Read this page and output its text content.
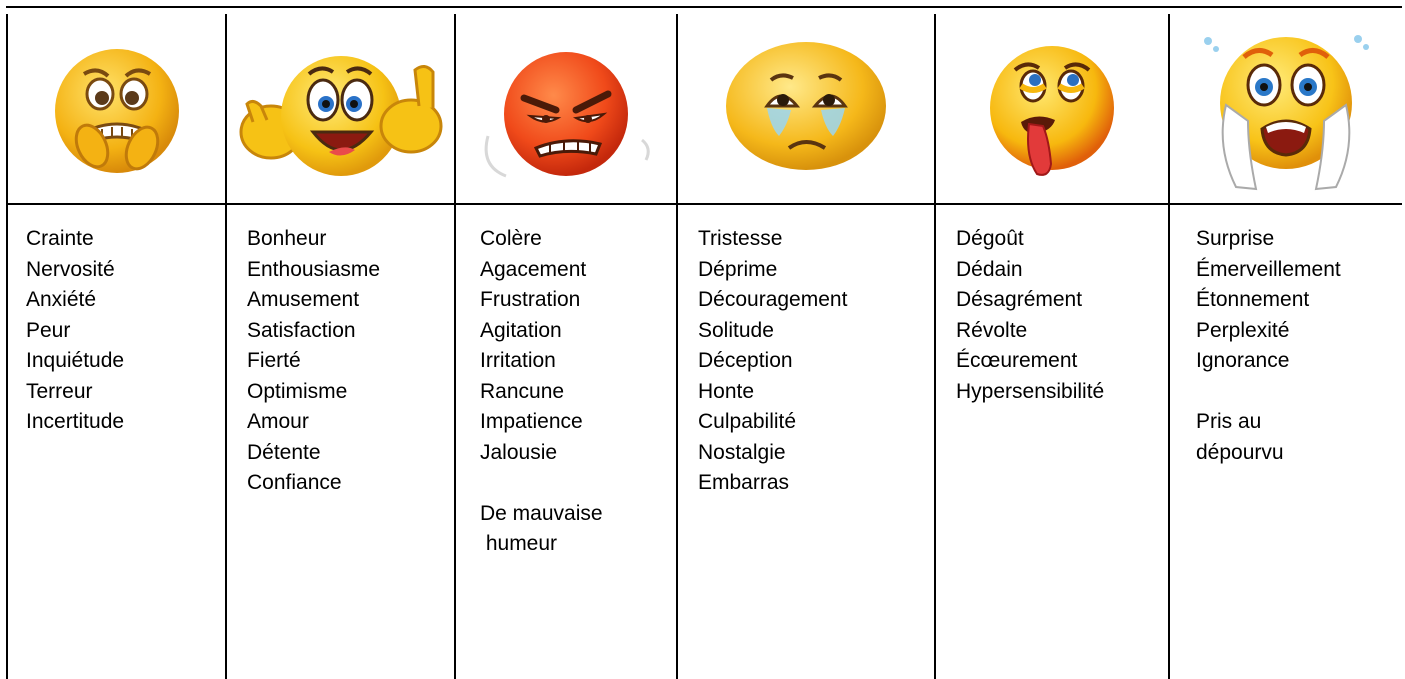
Crainte
Nervosité
Anxiété
Peur
Inquiétude
Terreur
Incertitude
Bonheur
Enthousiasme
Amusement
Satisfaction
Fierté
Optimisme
Amour
Détente
Confiance
Colère
Agacement
Frustration
Agitation
Irritation
Rancune
Impatience
Jalousie
De mauvaise
humeur
Tristesse
Déprime
Découragement
Solitude
Déception
Honte
Culpabilité
Nostalgie
Embarras
Dégoût
Dédain
Désagrément
Révolte
Écœurement
Hypersensibilité
Surprise
Émerveillement
Étonnement
Perplexité
Ignorance
Pris au
dépourvu
